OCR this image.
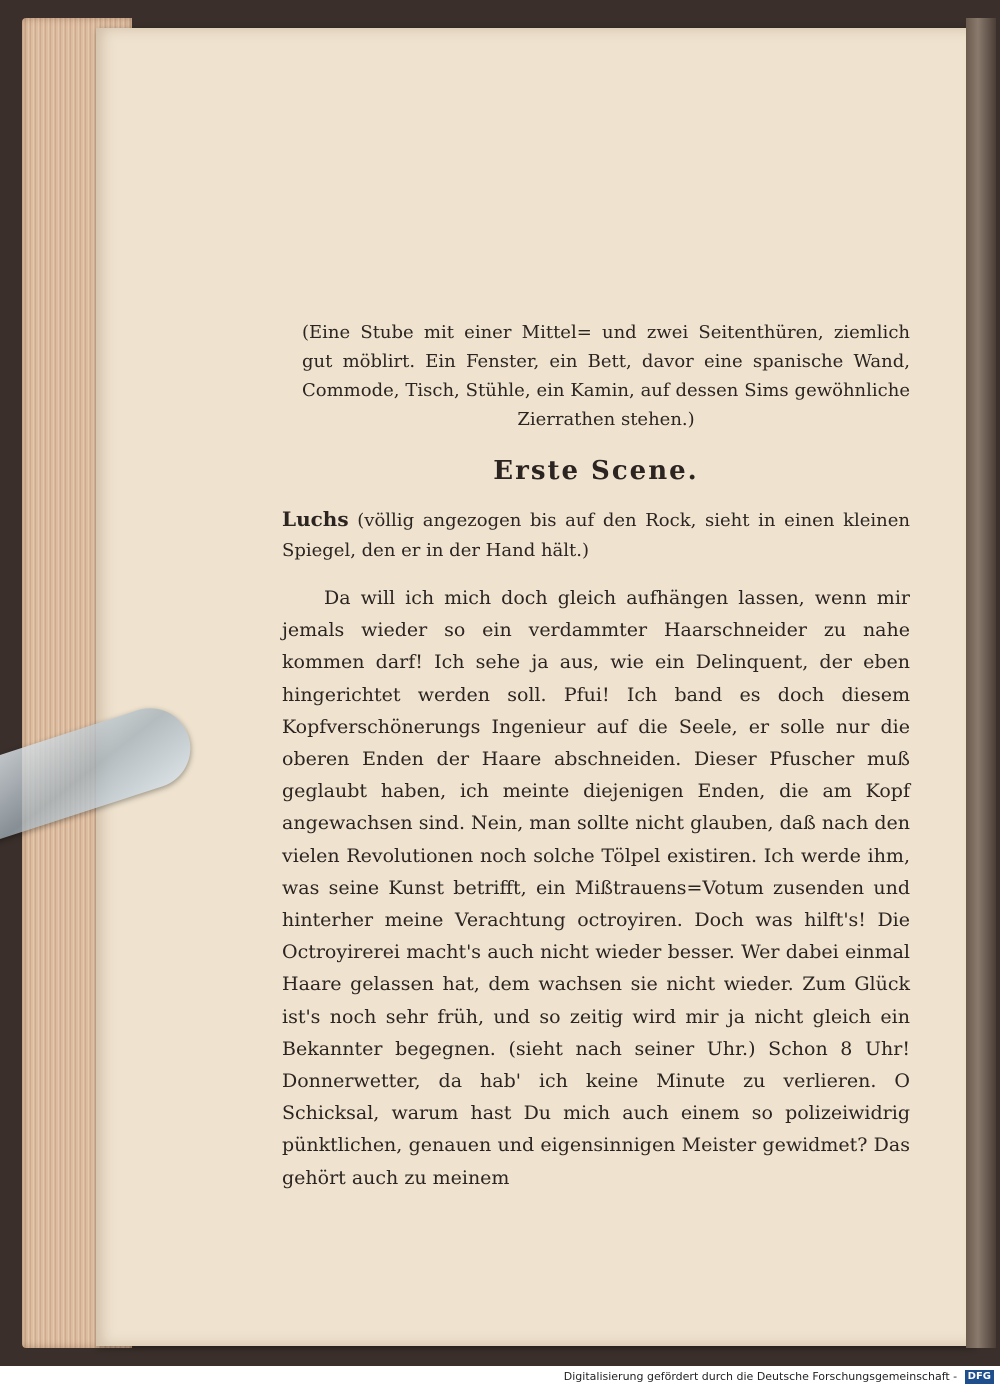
(Eine Stube mit einer Mittel= und zwei Seitenthüren, ziemlich gut möblirt. Ein Fenster, ein Bett, davor eine spanische Wand, Commode, Tisch, Stühle, ein Kamin, auf dessen Sims gewöhnliche Zierrathen stehen.)

Erste Scene.

Luchs (völlig angezogen bis auf den Rock, sieht in einen kleinen Spiegel, den er in der Hand hält.)

Da will ich mich doch gleich aufhängen lassen, wenn mir jemals wieder so ein verdammter Haarschneider zu nahe kommen darf! Ich sehe ja aus, wie ein Delinquent, der eben hingerichtet werden soll. Pfui! Ich band es doch diesem Kopfverschönerungs Ingenieur auf die Seele, er solle nur die oberen Enden der Haare abschneiden. Dieser Pfuscher muß geglaubt haben, ich meinte diejenigen Enden, die am Kopf angewachsen sind. Nein, man sollte nicht glauben, daß nach den vielen Revolutionen noch solche Tölpel existiren. Ich werde ihm, was seine Kunst betrifft, ein Mißtrauens=Votum zusenden und hinterher meine Verachtung octroyiren. Doch was hilft's! Die Octroyirerei macht's auch nicht wieder besser. Wer dabei einmal Haare gelassen hat, dem wachsen sie nicht wieder. Zum Glück ist's noch sehr früh, und so zeitig wird mir ja nicht gleich ein Bekannter begegnen. (sieht nach seiner Uhr.) Schon 8 Uhr! Donnerwetter, da hab' ich keine Minute zu verlieren. O Schicksal, warum hast Du mich auch einem so polizeiwidrig pünktlichen, genauen und eigensinnigen Meister gewidmet? Das gehört auch zu meinem

Digitalisierung gefördert durch die Deutsche Forschungsgemeinschaft - DFG
